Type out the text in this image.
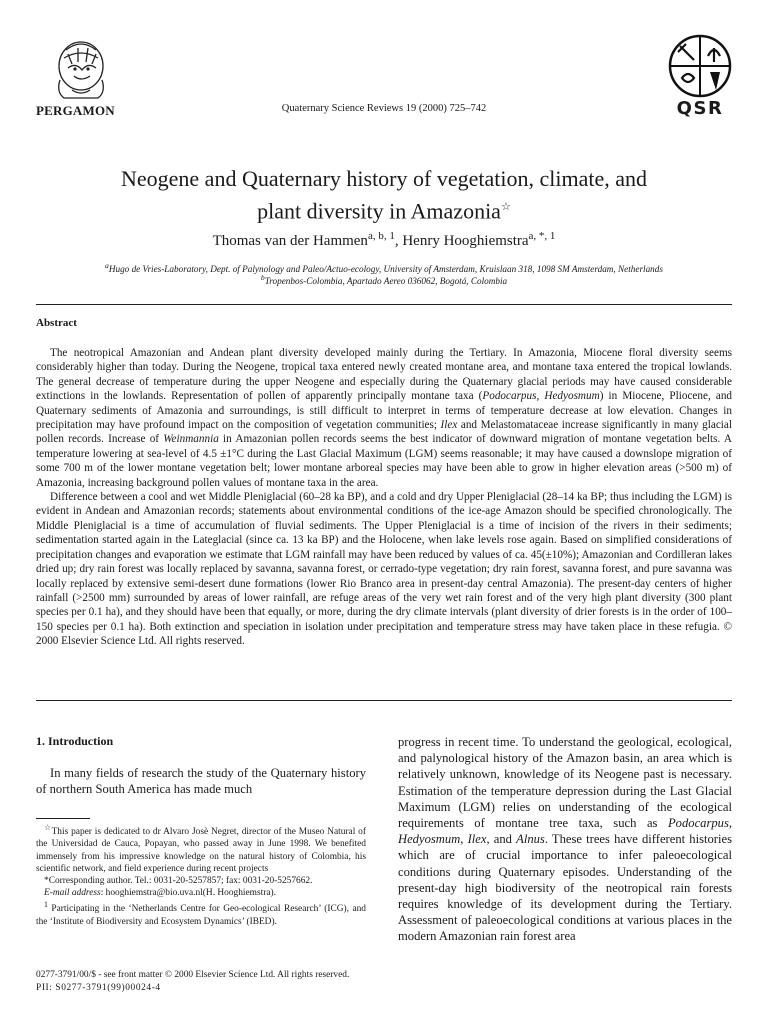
PERGAMON	Quaternary Science Reviews 19 (2000) 725–742	QSR
Neogene and Quaternary history of vegetation, climate, and
plant diversity in Amazonia☆
Thomas van der Hammen$^{a, b, 1}$, Henry Hooghiemstra$^{a, *, 1}$
$^a$Hugo de Vries-Laboratory, Dept. of Palynology and Paleo/Actuo-ecology, University of Amsterdam, Kruislaan 318, 1098 SM Amsterdam, Netherlands
$^b$Tropenbos-Colombia, Apartado Aereo 036062, Bogotá, Colombia
Abstract

The neotropical Amazonian and Andean plant diversity developed mainly during the Tertiary. In Amazonia, Miocene floral diversity seems considerably higher than today. During the Neogene, tropical taxa entered newly created montane area, and montane taxa entered the tropical lowlands. The general decrease of temperature during the upper Neogene and especially during the Quaternary glacial periods may have caused considerable extinctions in the lowlands. Representation of pollen of apparently principally montane taxa (Podocarpus, Hedyosmum) in Miocene, Pliocene, and Quaternary sediments of Amazonia and surroundings, is still difficult to interpret in terms of temperature decrease at low elevation. Changes in precipitation may have profound impact on the composition of vegetation communities; Ilex and Melastomataceae increase significantly in many glacial pollen records. Increase of Weinmannia in Amazonian pollen records seems the best indicator of downward migration of montane vegetation belts. A temperature lowering at sea-level of 4.5 ±1°C during the Last Glacial Maximum (LGM) seems reasonable; it may have caused a downslope migration of some 700 m of the lower montane vegetation belt; lower montane arboreal species may have been able to grow in higher elevation areas (>500 m) of Amazonia, increasing background pollen values of montane taxa in the area.

Difference between a cool and wet Middle Pleniglacial (60–28 ka BP), and a cold and dry Upper Pleniglacial (28–14 ka BP; thus including the LGM) is evident in Andean and Amazonian records; statements about environmental conditions of the ice-age Amazon should be specified chronologically. The Middle Pleniglacial is a time of accumulation of fluvial sediments. The Upper Pleniglacial is a time of incision of the rivers in their sediments; sedimentation started again in the Lateglacial (since ca. 13 ka BP) and the Holocene, when lake levels rose again. Based on simplified considerations of precipitation changes and evaporation we estimate that LGM rainfall may have been reduced by values of ca. 45(±10%); Amazonian and Cordilleran lakes dried up; dry rain forest was locally replaced by savanna, savanna forest, or cerrado-type vegetation; dry rain forest, savanna forest, and pure savanna was locally replaced by extensive semi-desert dune formations (lower Rio Branco area in present-day central Amazonia). The present-day centers of higher rainfall (>2500 mm) surrounded by areas of lower rainfall, are refuge areas of the very wet rain forest and of the very high plant diversity (300 plant species per 0.1 ha), and they should have been that equally, or more, during the dry climate intervals (plant diversity of drier forests is in the order of 100–150 species per 0.1 ha). Both extinction and speciation in isolation under precipitation and temperature stress may have taken place in these refugia. © 2000 Elsevier Science Ltd. All rights reserved.

1. Introduction
In many fields of research the study of the Quaternary history of northern South America has made much

☆This paper is dedicated to dr Alvaro Josè Negret, director of the Museo Natural of the Universidad de Cauca, Popayan, who passed away in June 1998. We benefited immensely from his impressive knowledge on the natural history of Colombia, his scientific network, and field experience during recent projects

*Corresponding author. Tel.: 0031-20-5257857; fax: 0031-20-5257662.

E-mail address: hooghiemstra@bio.uva.nl(H. Hooghiemstra).

$^1$ Participating in the ‘Netherlands Centre for Geo-ecological Research’ (ICG), and the ‘Institute of Biodiversity and Ecosystem Dynamics’ (IBED).

progress in recent time. To understand the geological, ecological, and palynological history of the Amazon basin, an area which is relatively unknown, knowledge of its Neogene past is necessary. Estimation of the temperature depression during the Last Glacial Maximum (LGM) relies on understanding of the ecological requirements of montane tree taxa, such as Podocarpus, Hedyosmum, Ilex, and Alnus. These trees have different histories which are of crucial importance to infer paleoecological conditions during Quaternary episodes. Understanding of the present-day high biodiversity of the neotropical rain forests requires knowledge of its development during the Tertiary. Assessment of paleoecological conditions at various places in the modern Amazonian rain forest area
0277-3791/00/$ - see front matter © 2000 Elsevier Science Ltd. All rights reserved.
PII: S0277-3791(99)00024-4
